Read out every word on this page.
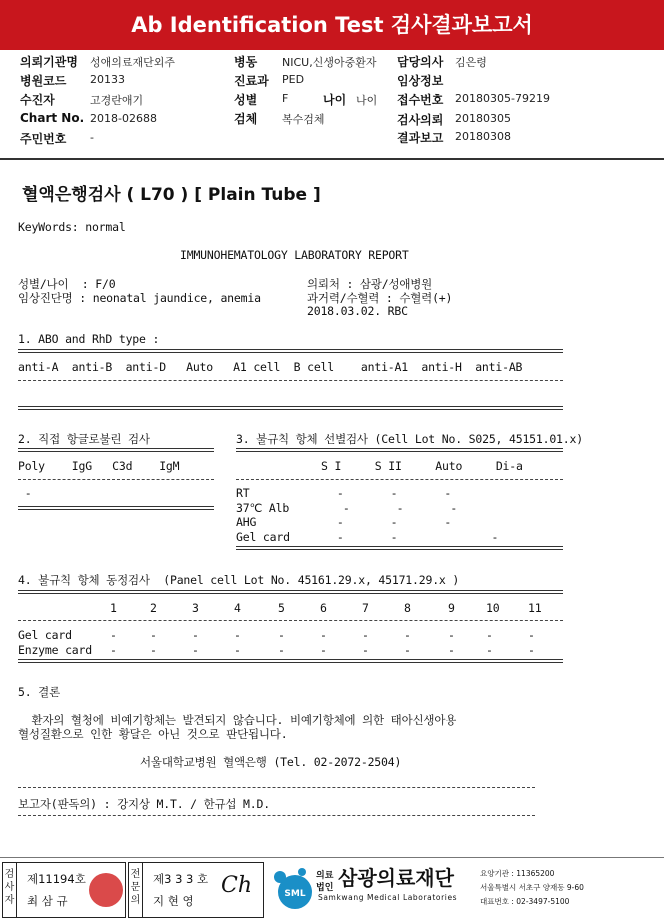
Ab Identification Test 검사결과보고서
의뢰기관명 성애의료재단외주
병원코드 20133
수진자	고경란애기
Chart No. 2018-02688
주민번호 -
병동 NICU,신생아중환자
진료과 PED
성별 F	나이 나이
검체 복수검체
담당의사 김은령
임상정보
접수번호 20180305-79219
검사의뢰 20180305
결과보고 20180308
혈액은행검사 ( L70 ) [ Plain Tube ]
KeyWords: normal
IMMUNOHEMATOLOGY LABORATORY REPORT
성별/나이  : F/0
임상진단명 : neonatal jaundice, anemia
의뢰처 : 삼광/성애병원
과거력/수혈력 : 수혈력(+)
2018.03.02. RBC
1. ABO and RhD type :
anti-A  anti-B  anti-D   Auto   A1 cell  B cell    anti-A1  anti-H  anti-AB
2. 직접 항글로불린 검사
Poly    IgG   C3d    IgM
-
3. 불규칙 항체 선별검사 (Cell Lot No. S025, 45151.01.x)
S I     S II     Auto     Di-a
RT             -       -       -
37℃ Alb        -       -       -
AHG            -       -       -
Gel card       -       -              -
4. 불규칙 항체 동정검사  (Panel cell Lot No. 45161.29.x, 45171.29.x )
1	2	3	4	5	6	7	8	9	10 11
Gel card	-	-	-	-	-	-	-	-	-	-	-
Enzyme card -	-	-	-	-	-	-	-	-	-	-
5. 결론
환자의 혈청에 비예기항체는 발견되지 않습니다. 비예기항체에 의한 태아신생아용
혈성질환으로 인한 황달은 아닌 것으로 판단됩니다.
서울대학교병원 혈액은행 (Tel. 02-2072-2504)
보고자(판독의) : 강지상 M.T. / 한규섭 M.D.
검
사
자
제11194호
최 삼 규
전
문
의
제3 3 3 호
지 현 영
Ch	SML
의료
법인 삼광의료재단
Samkwang Medical Laboratories
요양기관 : 11365200
서울특별시 서초구 양재동 9-60
대표번호 : 02-3497-5100
